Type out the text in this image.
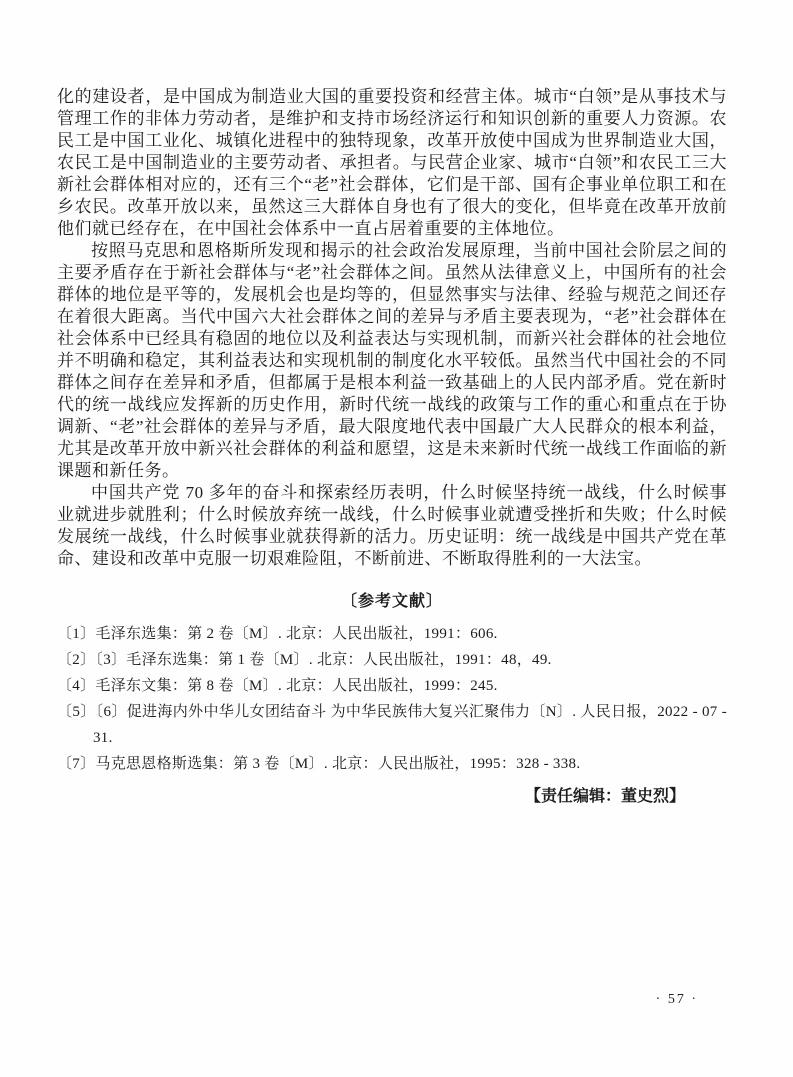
化的建设者，是中国成为制造业大国的重要投资和经营主体。城市“白领”是从事技术与管理工作的非体力劳动者，是维护和支持市场经济运行和知识创新的重要人力资源。农民工是中国工业化、城镇化进程中的独特现象，改革开放使中国成为世界制造业大国，农民工是中国制造业的主要劳动者、承担者。与民营企业家、城市“白领”和农民工三大新社会群体相对应的，还有三个“老”社会群体，它们是干部、国有企事业单位职工和在乡农民。改革开放以来，虽然这三大群体自身也有了很大的变化，但毕竟在改革开放前他们就已经存在，在中国社会体系中一直占居着重要的主体地位。

按照马克思和恩格斯所发现和揭示的社会政治发展原理，当前中国社会阶层之间的主要矛盾存在于新社会群体与“老”社会群体之间。虽然从法律意义上，中国所有的社会群体的地位是平等的，发展机会也是均等的，但显然事实与法律、经验与规范之间还存在着很大距离。当代中国六大社会群体之间的差异与矛盾主要表现为，“老”社会群体在社会体系中已经具有稳固的地位以及利益表达与实现机制，而新兴社会群体的社会地位并不明确和稳定，其利益表达和实现机制的制度化水平较低。虽然当代中国社会的不同群体之间存在差异和矛盾，但都属于是根本利益一致基础上的人民内部矛盾。党在新时代的统一战线应发挥新的历史作用，新时代统一战线的政策与工作的重心和重点在于协调新、“老”社会群体的差异与矛盾，最大限度地代表中国最广大人民群众的根本利益，尤其是改革开放中新兴社会群体的利益和愿望，这是未来新时代统一战线工作面临的新课题和新任务。

中国共产党 70 多年的奋斗和探索经历表明，什么时候坚持统一战线，什么时候事业就进步就胜利；什么时候放弃统一战线，什么时候事业就遭受挫折和失败；什么时候发展统一战线，什么时候事业就获得新的活力。历史证明：统一战线是中国共产党在革命、建设和改革中克服一切艰难险阻，不断前进、不断取得胜利的一大法宝。

〔参考文献〕
〔1〕毛泽东选集：第 2 卷〔M〕. 北京：人民出版社，1991：606.
〔2〕〔3〕毛泽东选集：第 1 卷〔M〕. 北京：人民出版社，1991：48，49.
〔4〕毛泽东文集：第 8 卷〔M〕. 北京：人民出版社，1999：245.
〔5〕〔6〕促进海内外中华儿女团结奋斗 为中华民族伟大复兴汇聚伟力〔N〕. 人民日报，2022 - 07 - 31.
〔7〕马克思恩格斯选集：第 3 卷〔M〕. 北京：人民出版社，1995：328 - 338.

【责任编辑：董史烈】

· 57 ·
